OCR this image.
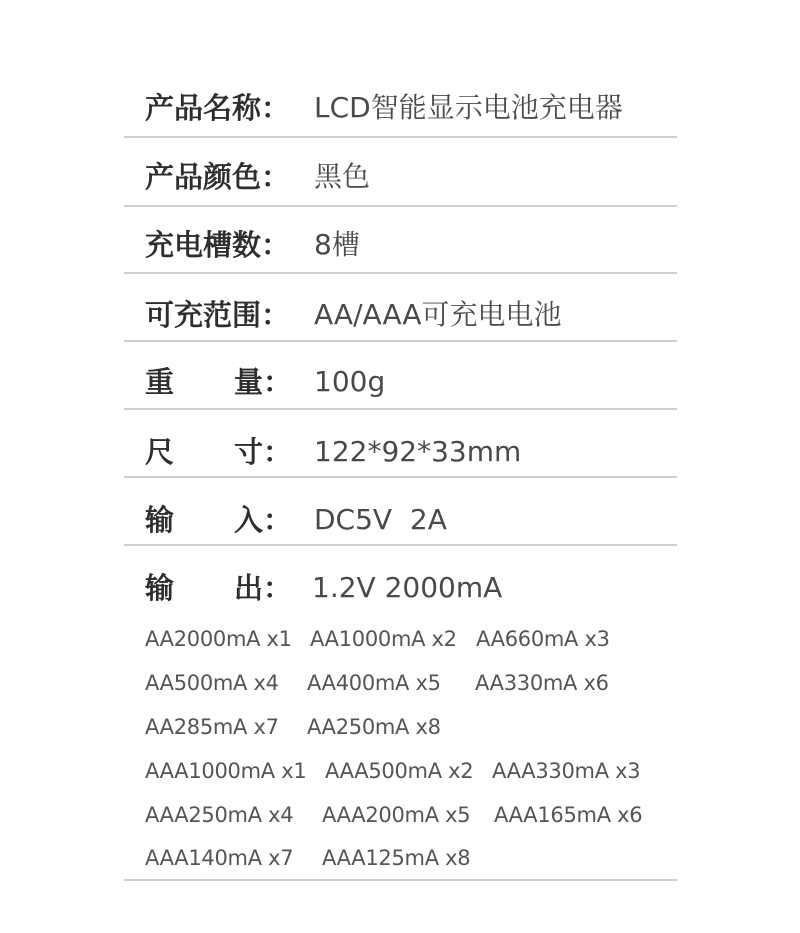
产品名称： LCD智能显示电池充电器
产品颜色： 黑色
充电槽数： 8槽
可充范围： AA/AAA可充电电池
重 量： 100g
尺 寸： 122*92*33mm
输 入： DC5V  2A
输 出： 1.2V 2000mA
AA2000mA x1 AA1000mA x2 AA660mA x3
AA500mA x4 AA400mA x5 AA330mA x6
AA285mA x7 AA250mA x8
AAA1000mA x1 AAA500mA x2 AAA330mA x3
AAA250mA x4 AAA200mA x5 AAA165mA x6
AAA140mA x7 AAA125mA x8
